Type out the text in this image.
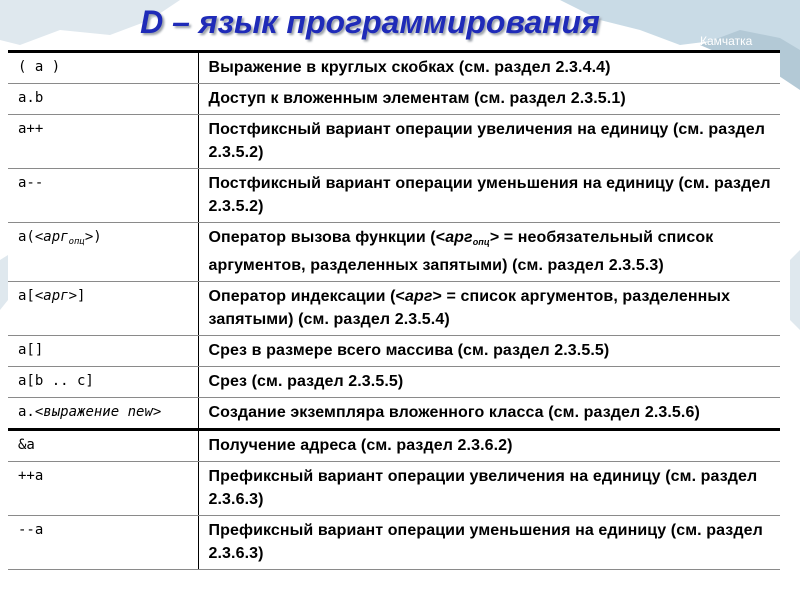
Камчатка
D – язык программирования
( a )	Выражение в круглых скобках (см. раздел 2.3.4.4)
a.b	Доступ к вложенным элементам (см. раздел 2.3.5.1)
a++	Постфиксный вариант операции увеличения на единицу (см. раздел 2.3.5.2)
a--	Постфиксный вариант операции уменьшения на единицу (см. раздел 2.3.5.2)
a(<арг$_{опц}$>)	Оператор вызова функции (<арг$_{опц}$> = необязательный список аргументов, разделенных запятыми) (см. раздел 2.3.5.3)
a[<арг>]	Оператор индексации (<арг> = список аргументов, разделенных запятыми) (см. раздел 2.3.5.4)
a[]	Срез в размере всего массива (см. раздел 2.3.5.5)
a[b .. c]	Срез (см. раздел 2.3.5.5)
a.<выражение new>	Создание экземпляра вложенного класса (см. раздел 2.3.5.6)
&a	Получение адреса (см. раздел 2.3.6.2)
++a	Префиксный вариант операции увеличения на единицу (см. раздел 2.3.6.3)
--a	Префиксный вариант операции уменьшения на единицу (см. раздел 2.3.6.3)
